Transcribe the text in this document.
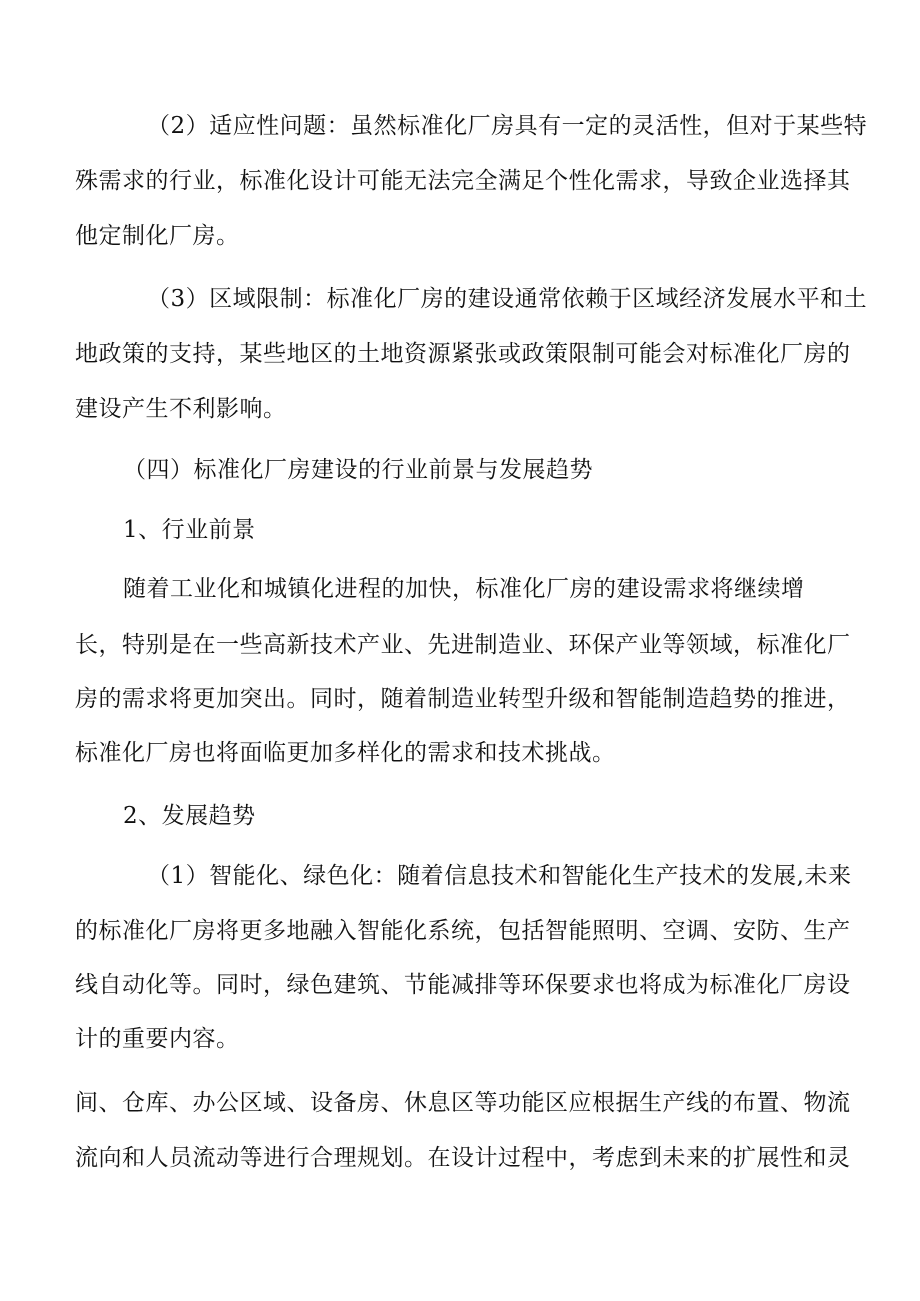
（2）适应性问题：虽然标准化厂房具有一定的灵活性，但对于某些特
殊需求的行业，标准化设计可能无法完全满足个性化需求，导致企业选择其
他定制化厂房。
（3）区域限制：标准化厂房的建设通常依赖于区域经济发展水平和土
地政策的支持，某些地区的土地资源紧张或政策限制可能会对标准化厂房的
建设产生不利影响。
（四）标准化厂房建设的行业前景与发展趋势
1、行业前景
随着工业化和城镇化进程的加快，标准化厂房的建设需求将继续增
长，特别是在一些高新技术产业、先进制造业、环保产业等领域，标准化厂
房的需求将更加突出。同时，随着制造业转型升级和智能制造趋势的推进，
标准化厂房也将面临更加多样化的需求和技术挑战。
2、发展趋势
（1）智能化、绿色化：随着信息技术和智能化生产技术的发展,未来
的标准化厂房将更多地融入智能化系统，包括智能照明、空调、安防、生产
线自动化等。同时，绿色建筑、节能减排等环保要求也将成为标准化厂房设
计的重要内容。
间、仓库、办公区域、设备房、休息区等功能区应根据生产线的布置、物流
流向和人员流动等进行合理规划。在设计过程中，考虑到未来的扩展性和灵
